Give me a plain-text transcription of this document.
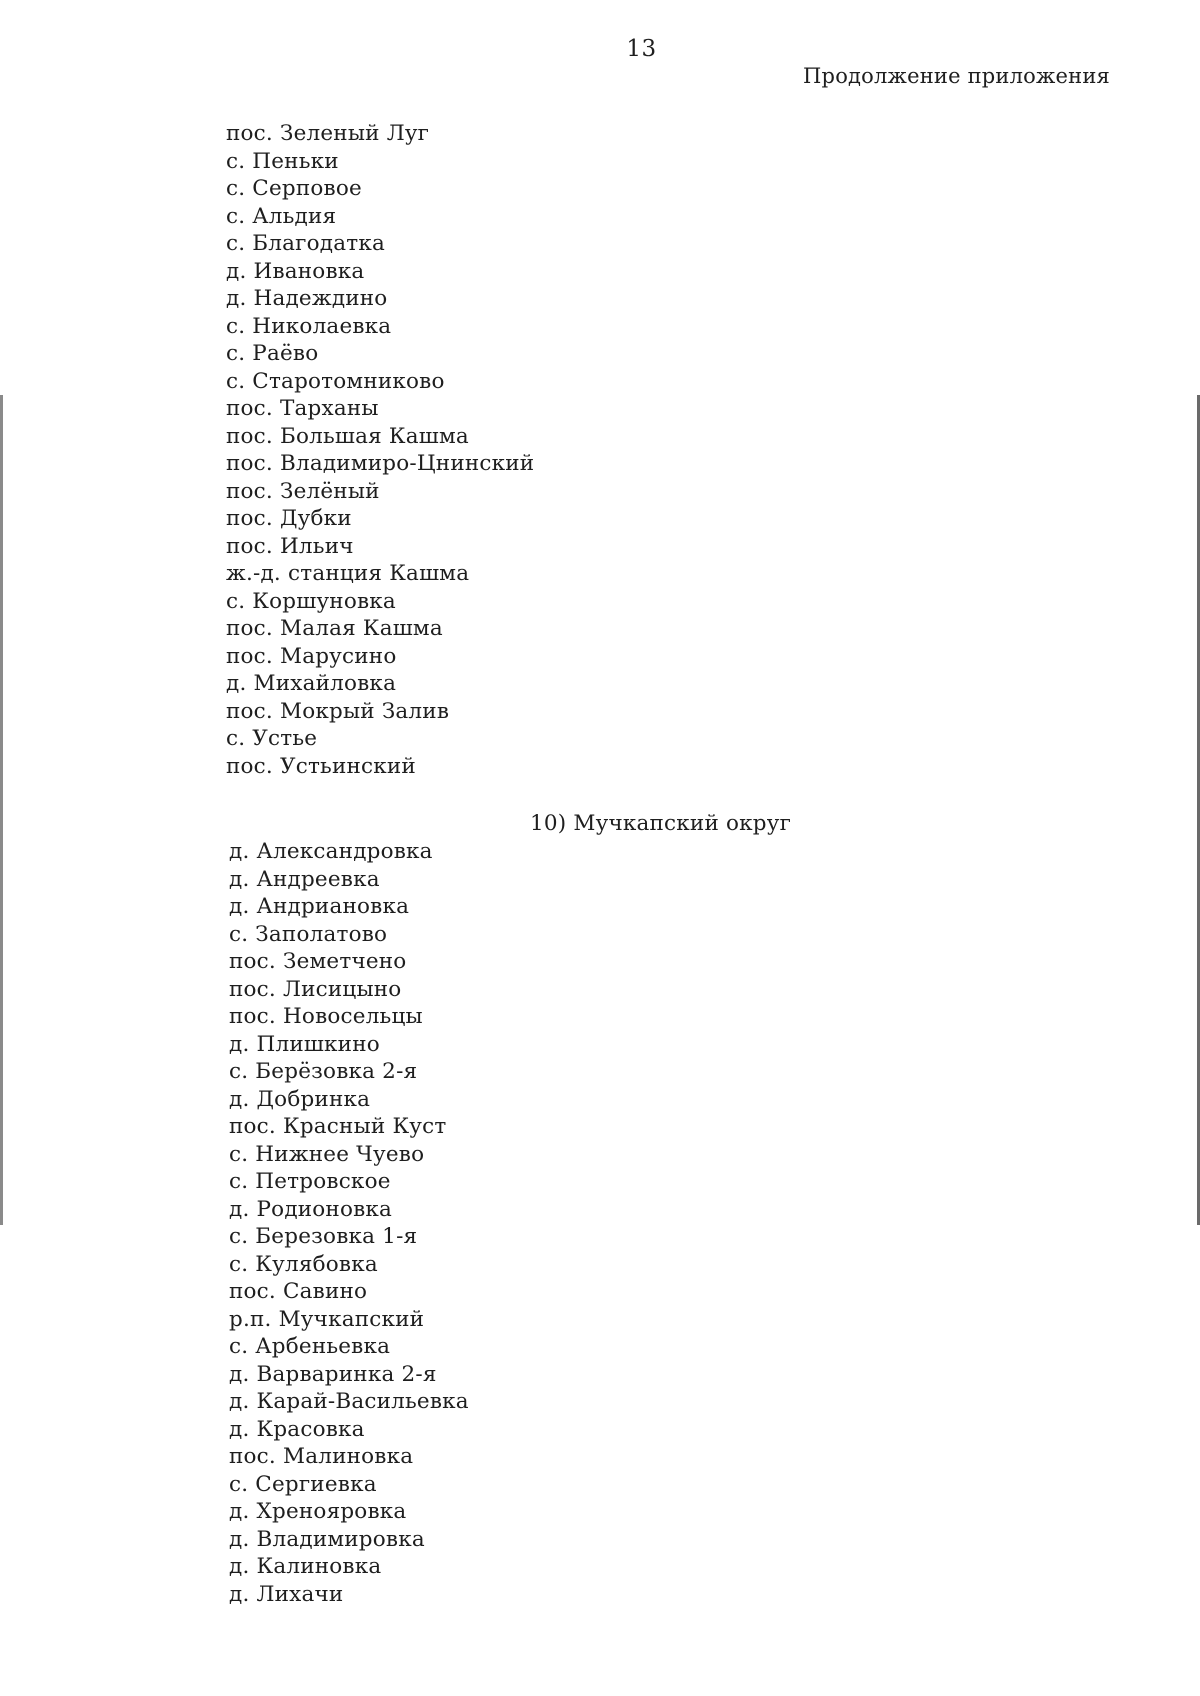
13
Продолжение приложения
пос. Зеленый Луг
с. Пеньки
с. Серповое
с. Альдия
с. Благодатка
д. Ивановка
д. Надеждино
с. Николаевка
с. Раёво
с. Старотомниково
пос. Тарханы
пос. Большая Кашма
пос. Владимиро-Цнинский
пос. Зелёный
пос. Дубки
пос. Ильич
ж.-д. станция Кашма
с. Коршуновка
пос. Малая Кашма
пос. Марусино
д. Михайловка
пос. Мокрый Залив
с. Устье
пос. Устьинский
10) Мучкапский округ
д. Александровка
д. Андреевка
д. Андриановка
с. Заполатово
пос. Земетчено
пос. Лисицыно
пос. Новосельцы
д. Плишкино
с. Берёзовка 2-я
д. Добринка
пос. Красный Куст
с. Нижнее Чуево
с. Петровское
д. Родионовка
с. Березовка 1-я
с. Кулябовка
пос. Савино
р.п. Мучкапский
с. Арбеньевка
д. Варваринка 2-я
д. Карай-Васильевка
д. Красовка
пос. Малиновка
с. Сергиевка
д. Хренояровка
д. Владимировка
д. Калиновка
д. Лихачи
